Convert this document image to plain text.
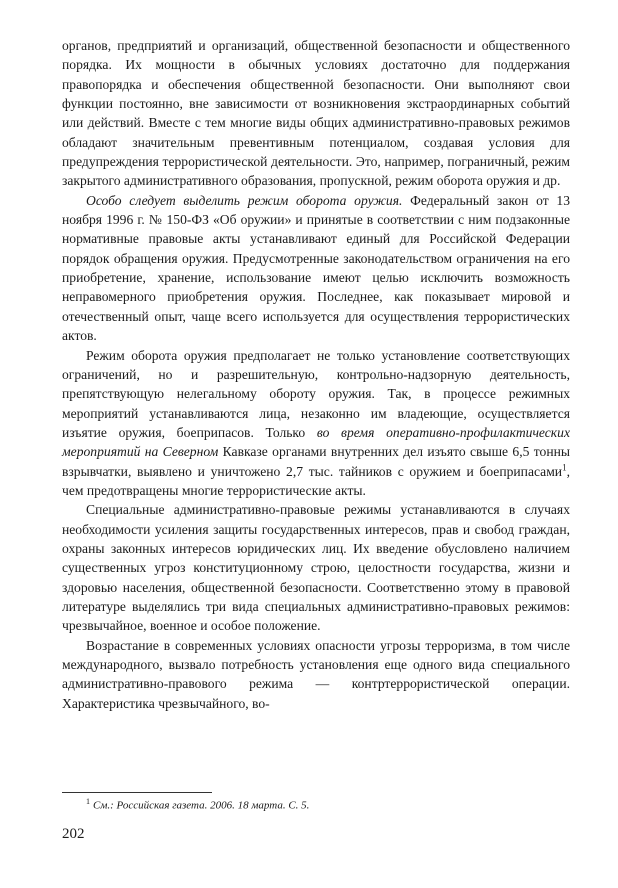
органов, предприятий и организаций, общественной безопасности и общественного порядка. Их мощности в обычных условиях достаточно для поддержания правопорядка и обеспечения общественной безопасности. Они выполняют свои функции постоянно, вне зависимости от возникновения экстраординарных событий или действий. Вместе с тем многие виды общих административно-правовых режимов обладают значительным превентивным потенциалом, создавая условия для предупреждения террористической деятельности. Это, например, пограничный, режим закрытого административного образования, пропускной, режим оборота оружия и др.

Особо следует выделить режим оборота оружия. Федеральный закон от 13 ноября 1996 г. № 150-ФЗ «Об оружии» и принятые в соответствии с ним подзаконные нормативные правовые акты устанавливают единый для Российской Федерации порядок обращения оружия. Предусмотренные законодательством ограничения на его приобретение, хранение, использование имеют целью исключить возможность неправомерного приобретения оружия. Последнее, как показывает мировой и отечественный опыт, чаще всего используется для осуществления террористических актов.

Режим оборота оружия предполагает не только установление соответствующих ограничений, но и разрешительную, контрольно-надзорную деятельность, препятствующую нелегальному обороту оружия. Так, в процессе режимных мероприятий устанавливаются лица, незаконно им владеющие, осуществляется изъятие оружия, боеприпасов. Только во время оперативно-профилактических мероприятий на Северном Кавказе органами внутренних дел изъято свыше 6,5 тонны взрывчатки, выявлено и уничтожено 2,7 тыс. тайников с оружием и боеприпасами$^1$, чем предотвращены многие террористические акты.

Специальные административно-правовые режимы устанавливаются в случаях необходимости усиления защиты государственных интересов, прав и свобод граждан, охраны законных интересов юридических лиц. Их введение обусловлено наличием существенных угроз конституционному строю, целостности государства, жизни и здоровью населения, общественной безопасности. Соответственно этому в правовой литературе выделялись три вида специальных административно-правовых режимов: чрезвычайное, военное и особое положение.

Возрастание в современных условиях опасности угрозы терроризма, в том числе международного, вызвало потребность установления еще одного вида специального административно-правового режима — контртеррористической операции. Характеристика чрезвычайного, во-

$^1$ См.: Российская газета. 2006. 18 марта. С. 5.
202
